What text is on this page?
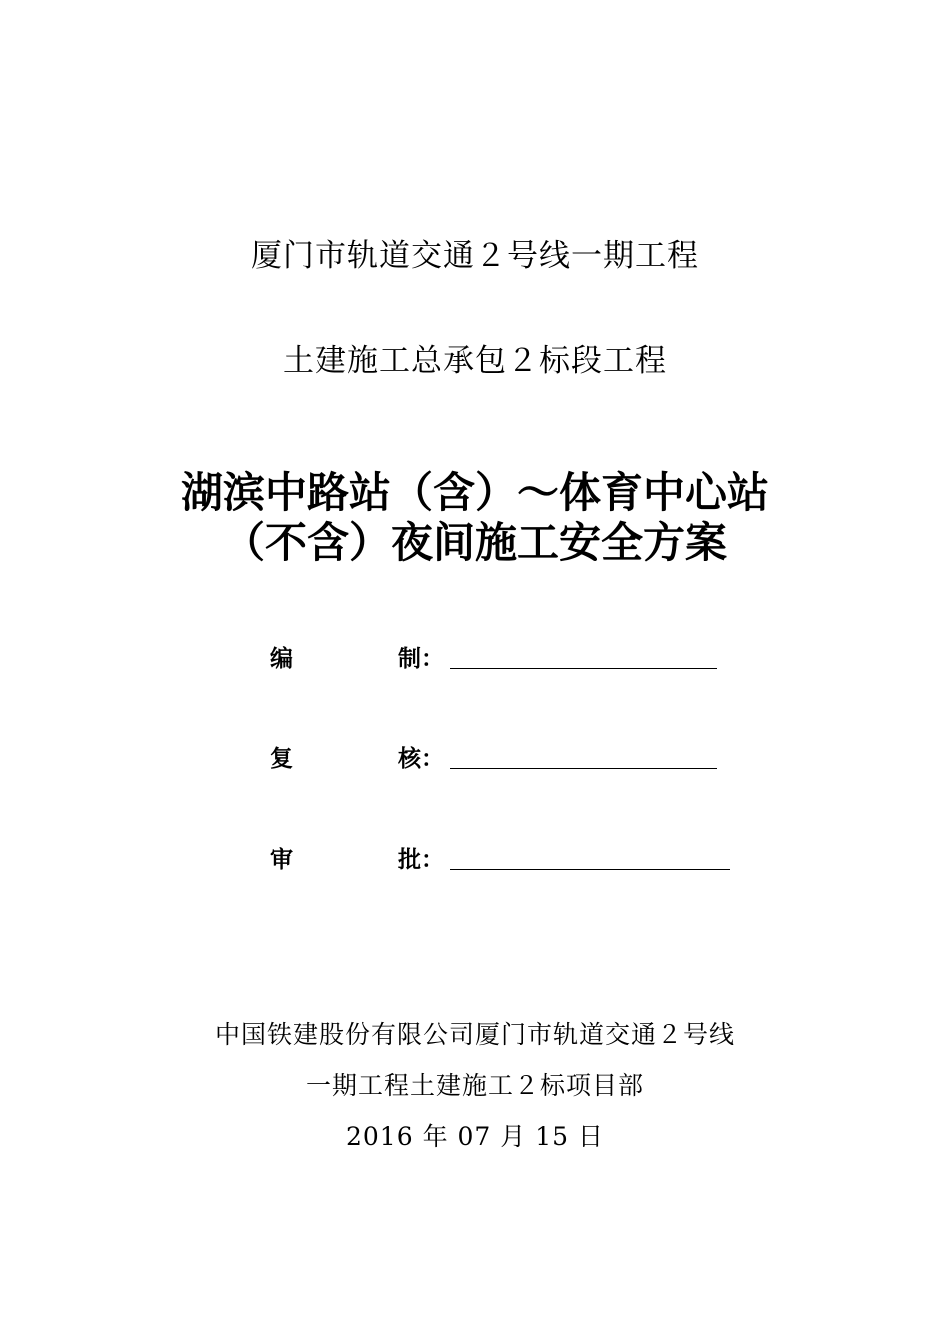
厦门市轨道交通２号线一期工程
土建施工总承包２标段工程
湖滨中路站（含）～体育中心站
（不含）夜间施工安全方案
编	制：
复	核：
审	批：
中国铁建股份有限公司厦门市轨道交通２号线
一期工程土建施工２标项目部
2016 年 07 月 15 日
